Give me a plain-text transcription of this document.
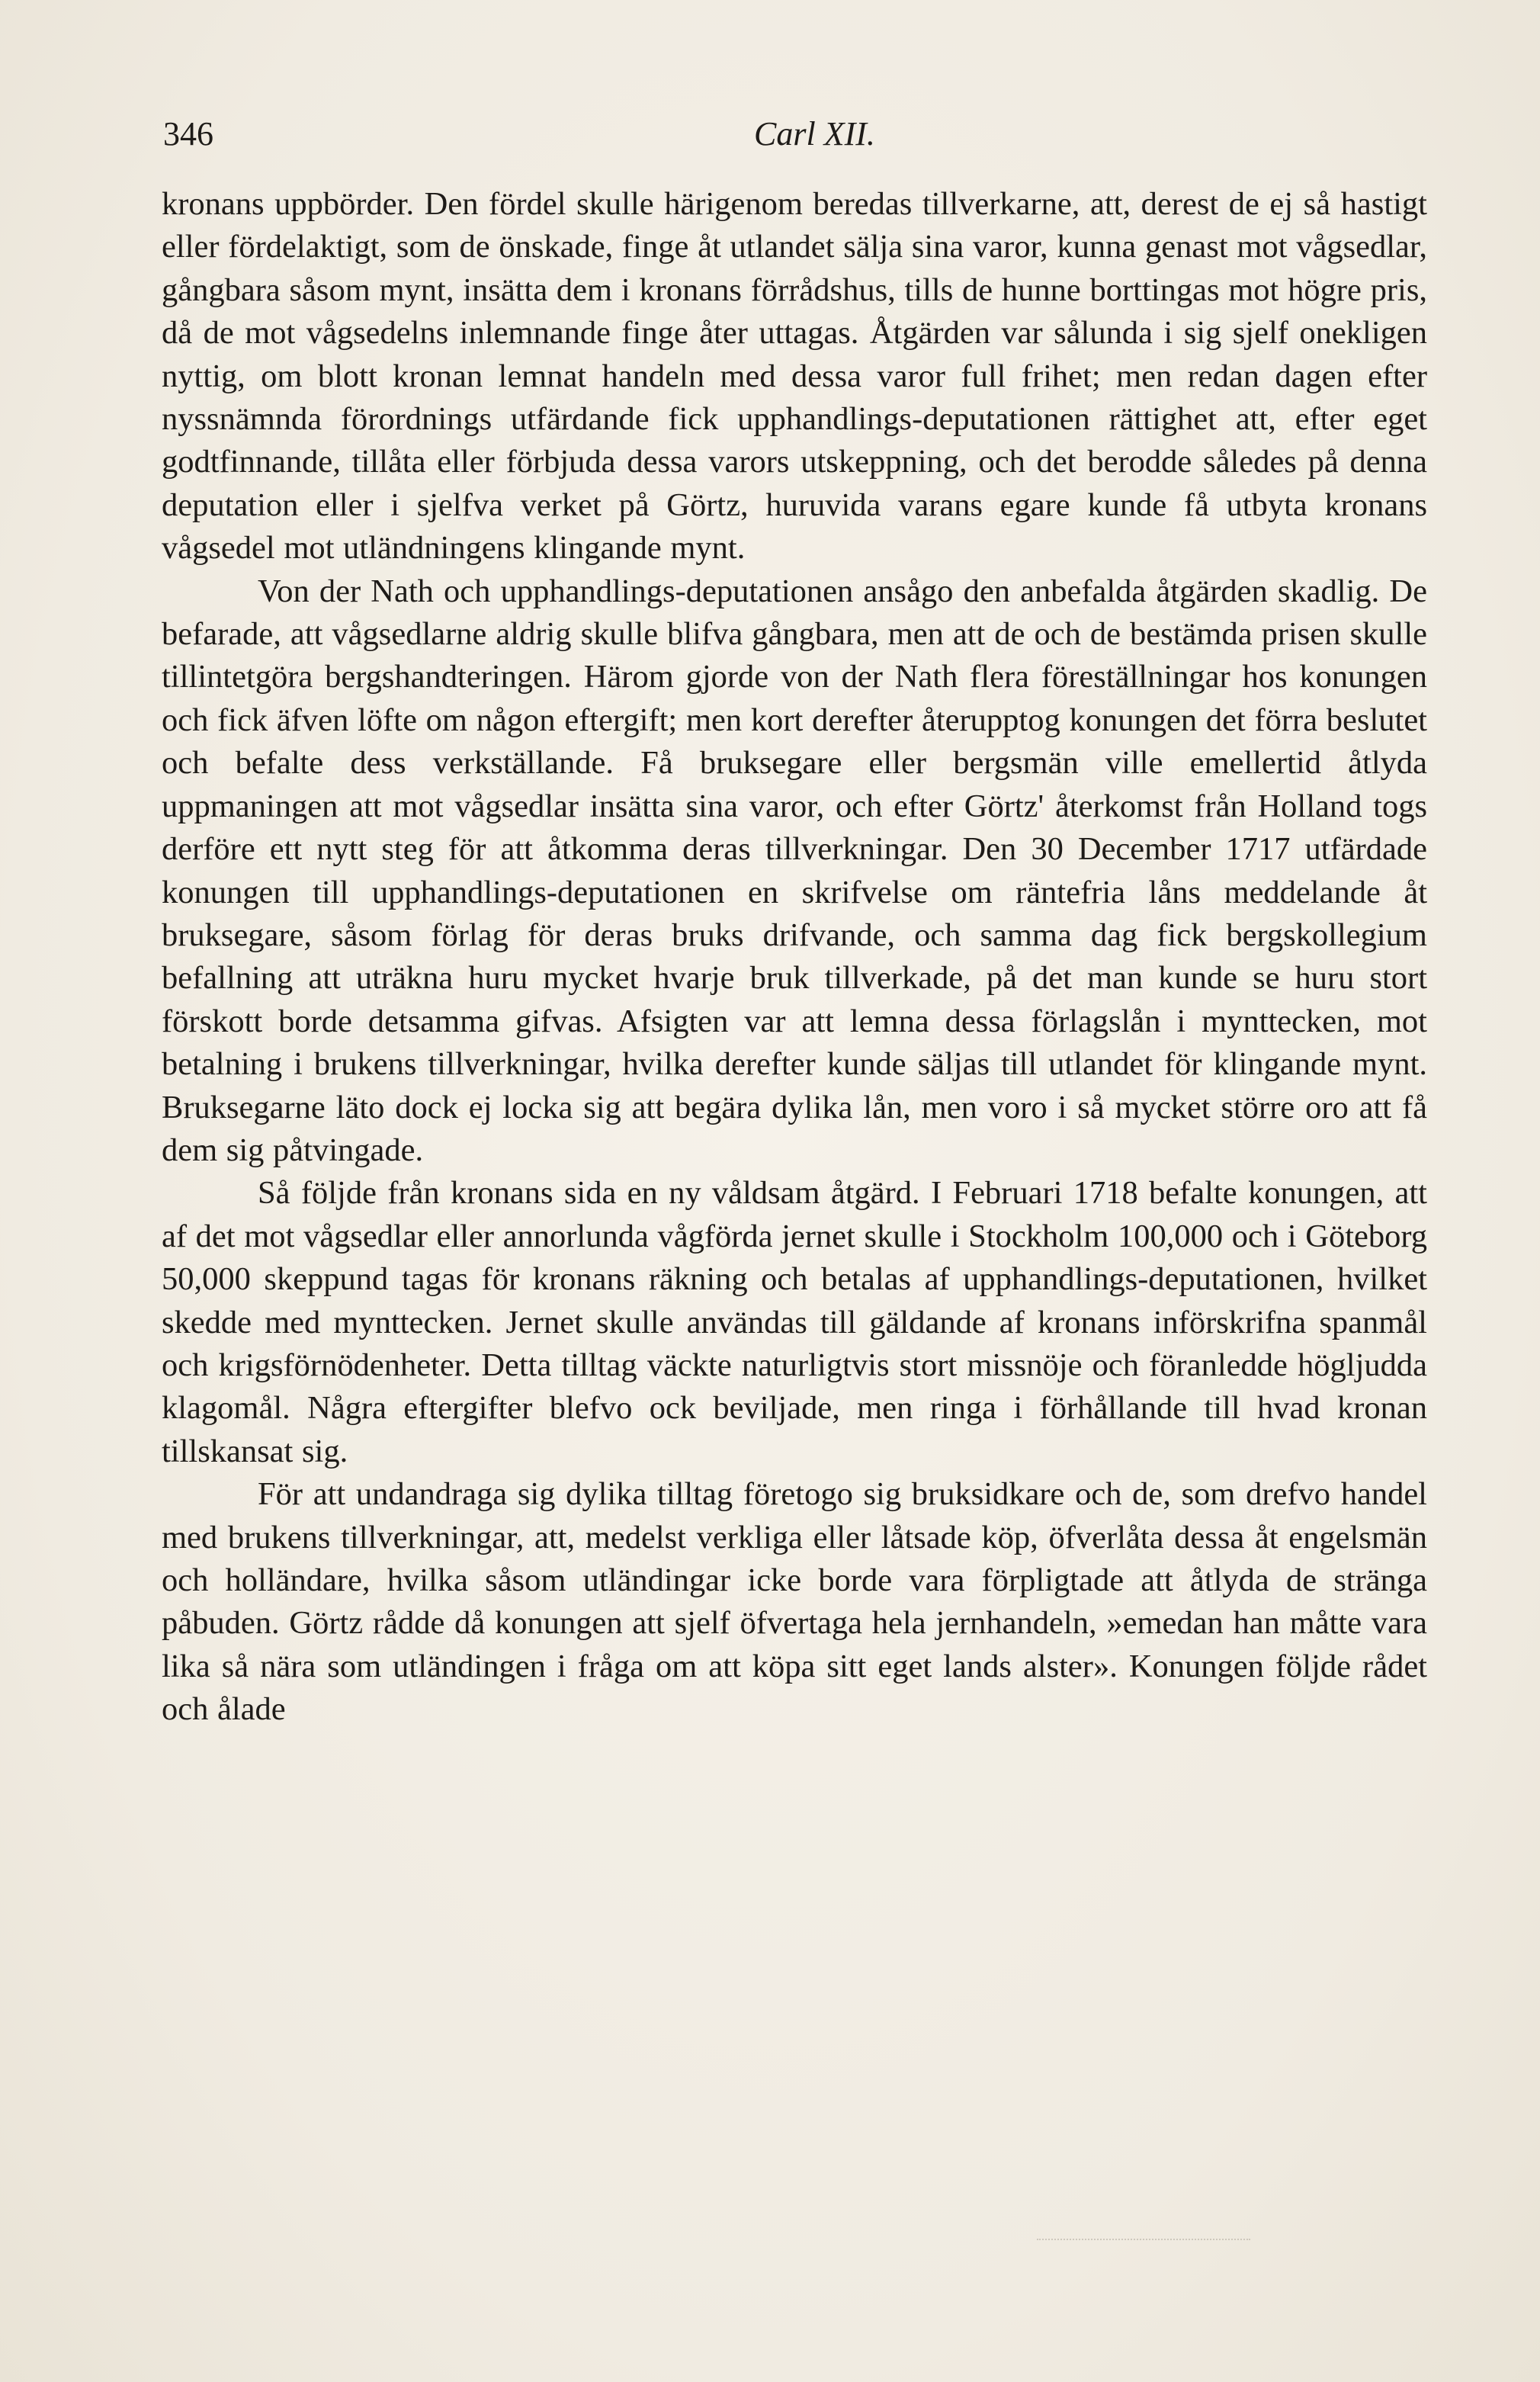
346	Carl XII.

kronans uppbörder. Den fördel skulle härigenom beredas tillverkarne, att, derest de ej så hastigt eller fördelaktigt, som de önskade, finge åt utlandet sälja sina varor, kunna genast mot vågsedlar, gångbara såsom mynt, insätta dem i kronans förrådshus, tills de hunne borttingas mot högre pris, då de mot vågsedelns inlemnande finge åter uttagas. Åtgärden var sålunda i sig sjelf onekligen nyttig, om blott kronan lemnat handeln med dessa varor full frihet; men redan dagen efter nyssnämnda förordnings utfärdande fick upphandlings-deputationen rättighet att, efter eget godtfinnande, tillåta eller förbjuda dessa varors utskeppning, och det berodde således på denna deputation eller i sjelfva verket på Görtz, huruvida varans egare kunde få utbyta kronans vågsedel mot utländningens klingande mynt.

Von der Nath och upphandlings-deputationen ansågo den anbefalda åtgärden skadlig. De befarade, att vågsedlarne aldrig skulle blifva gångbara, men att de och de bestämda prisen skulle tillintetgöra bergshandteringen. Härom gjorde von der Nath flera föreställningar hos konungen och fick äfven löfte om någon eftergift; men kort derefter återupptog konungen det förra beslutet och befalte dess verkställande. Få bruksegare eller bergsmän ville emellertid åtlyda uppmaningen att mot vågsedlar insätta sina varor, och efter Görtz' återkomst från Holland togs derföre ett nytt steg för att åtkomma deras tillverkningar. Den 30 December 1717 utfärdade konungen till upphandlings-deputationen en skrifvelse om räntefria låns meddelande åt bruksegare, såsom förlag för deras bruks drifvande, och samma dag fick bergskollegium befallning att uträkna huru mycket hvarje bruk tillverkade, på det man kunde se huru stort förskott borde detsamma gifvas. Afsigten var att lemna dessa förlagslån i mynttecken, mot betalning i brukens tillverkningar, hvilka derefter kunde säljas till utlandet för klingande mynt. Bruksegarne läto dock ej locka sig att begära dylika lån, men voro i så mycket större oro att få dem sig påtvingade.

Så följde från kronans sida en ny våldsam åtgärd. I Februari 1718 befalte konungen, att af det mot vågsedlar eller annorlunda vågförda jernet skulle i Stockholm 100,000 och i Göteborg 50,000 skeppund tagas för kronans räkning och betalas af upphandlings-deputationen, hvilket skedde med mynttecken. Jernet skulle användas till gäldande af kronans införskrifna spanmål och krigsförnödenheter. Detta tilltag väckte naturligtvis stort missnöje och föranledde högljudda klagomål. Några eftergifter blefvo ock beviljade, men ringa i förhållande till hvad kronan tillskansat sig.

För att undandraga sig dylika tilltag företogo sig bruksidkare och de, som drefvo handel med brukens tillverkningar, att, medelst verkliga eller låtsade köp, öfverlåta dessa åt engelsmän och holländare, hvilka såsom utländingar icke borde vara förpligtade att åtlyda de stränga påbuden. Görtz rådde då konungen att sjelf öfvertaga hela jernhandeln, »emedan han måtte vara lika så nära som utländingen i fråga om att köpa sitt eget lands alster». Konungen följde rådet och ålade
